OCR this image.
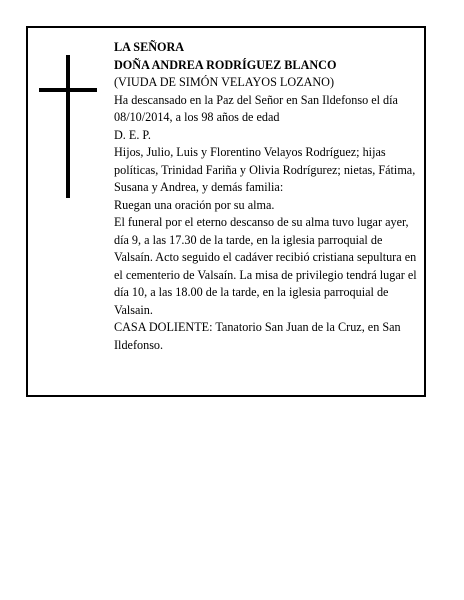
LA SEÑORA
DOÑA ANDREA RODRÍGUEZ BLANCO
(VIUDA DE SIMÓN VELAYOS LOZANO)
Ha descansado en la Paz del Señor en San Ildefonso el día 08/10/2014, a los 98 años de edad
D. E. P.
Hijos, Julio, Luis y Florentino Velayos Rodríguez; hijas políticas, Trinidad Fariña y Olivia Rodrígurez; nietas, Fátima, Susana y Andrea, y demás familia:
Ruegan una oración por su alma.
El funeral por el eterno descanso de su alma tuvo lugar ayer, día 9, a las 17.30 de la tarde, en la iglesia parroquial de Valsaín. Acto seguido el cadáver recibió cristiana sepultura en el cementerio de Valsaín. La misa de privilegio tendrá lugar el día 10, a las 18.00 de la tarde, en la iglesia parroquial de Valsain.
CASA DOLIENTE: Tanatorio San Juan de la Cruz, en San Ildefonso.
